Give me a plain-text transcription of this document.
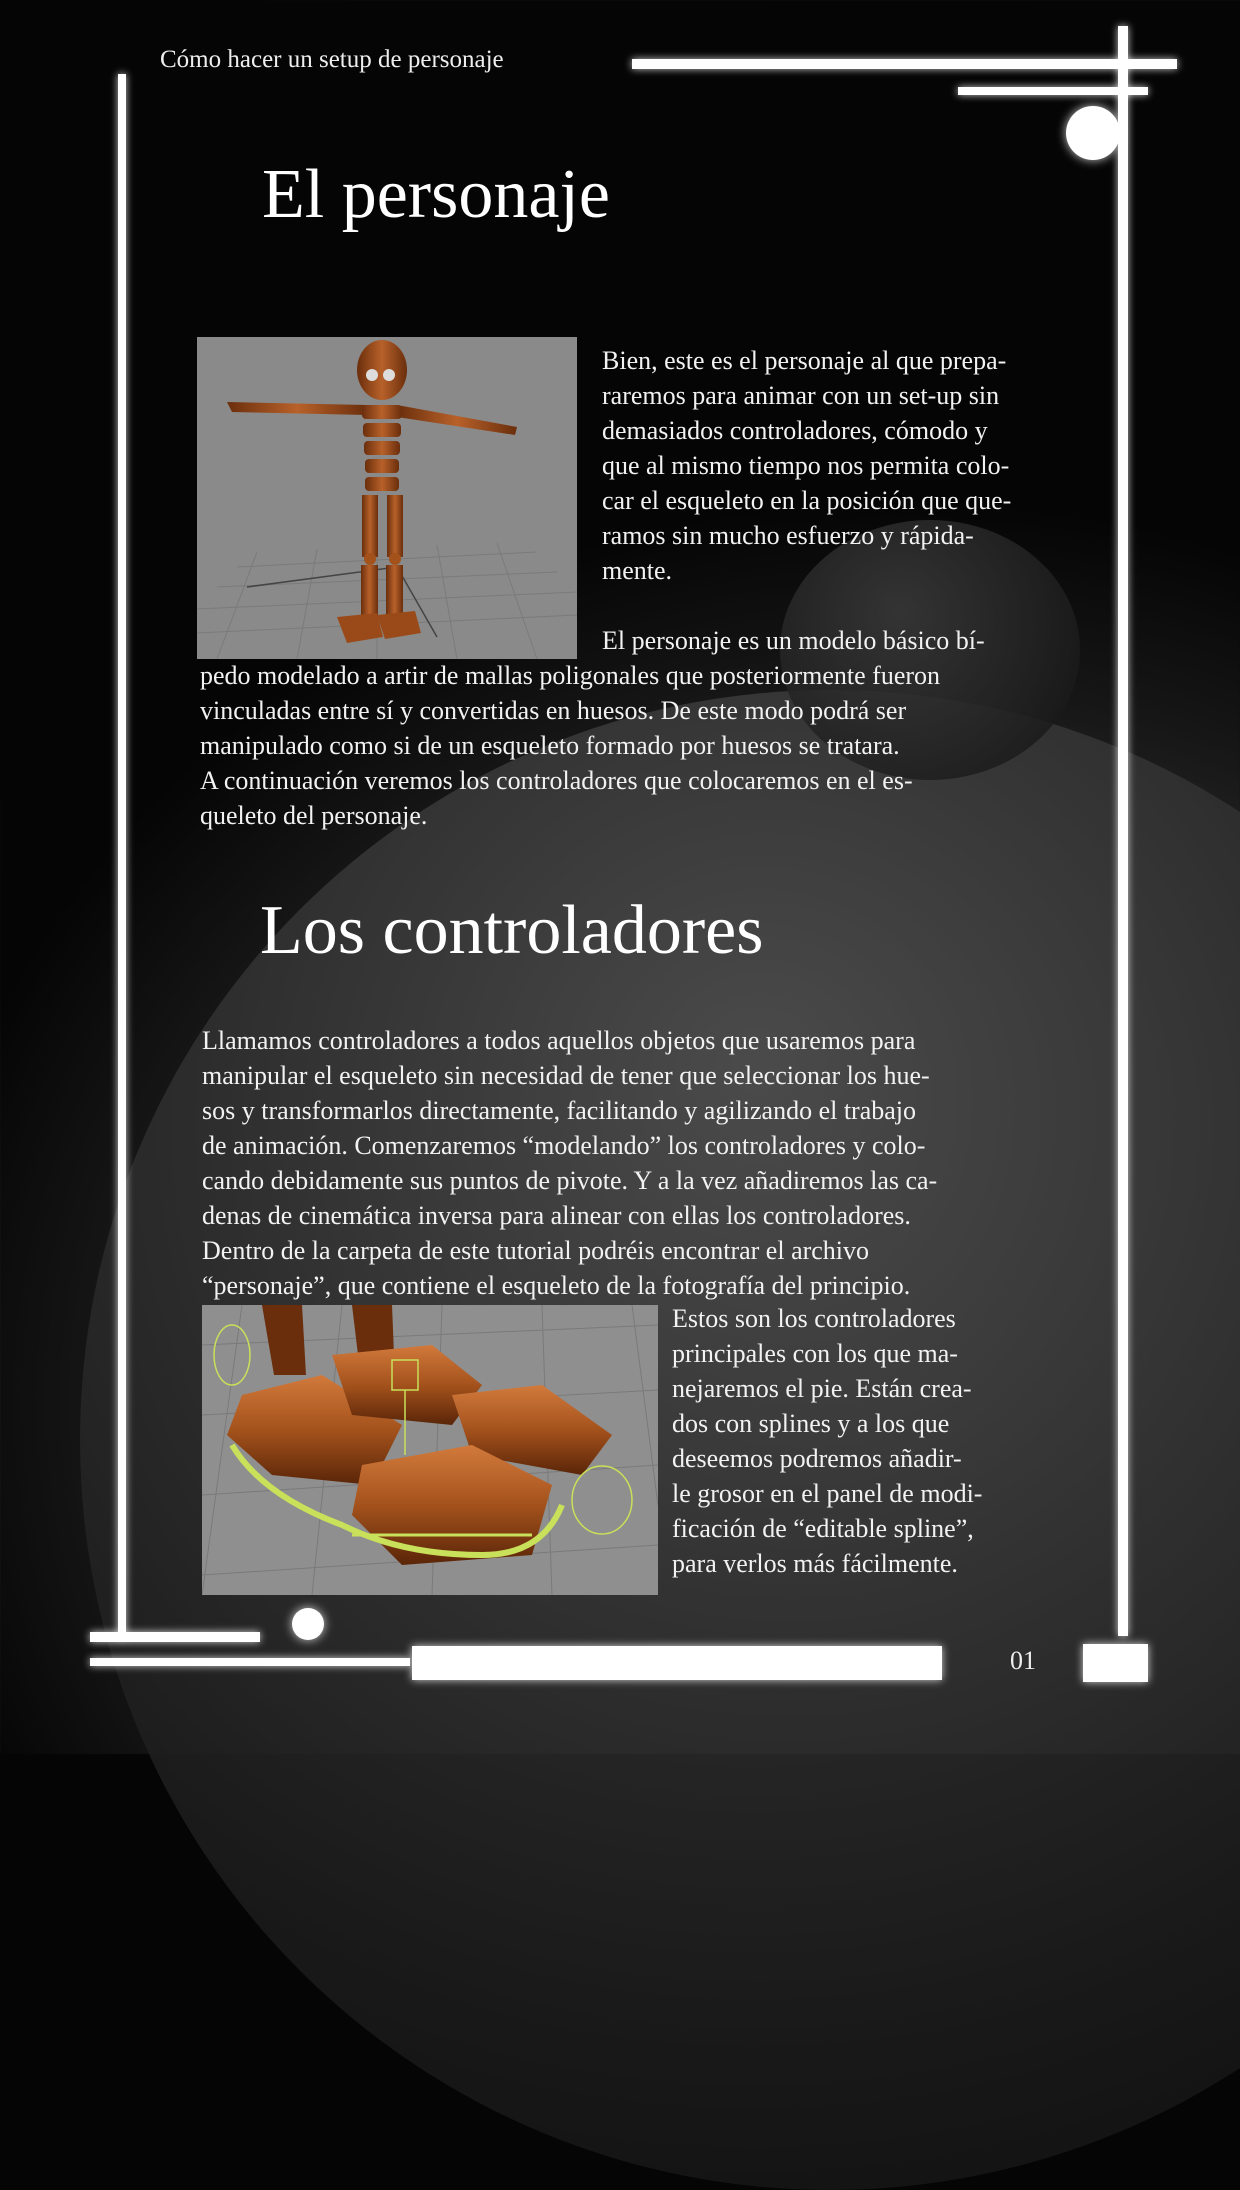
Cómo hacer un setup de personaje
El personaje

Bien, este es el personaje al que prepa-
raremos para animar con un set-up sin
demasiados controladores, cómodo y
que al mismo tiempo nos permita colo-
car el esqueleto en la posición que que-
ramos sin mucho esfuerzo y rápida-
mente.

El personaje es un modelo básico bí-
pedo modelado a artir de mallas poligonales que posteriormente fueron
vinculadas entre sí y convertidas en huesos. De este modo podrá ser
manipulado como si de un esqueleto formado por huesos se tratara.
A continuación veremos los controladores que colocaremos en el es-
queleto del personaje.

Los controladores

Llamamos controladores a todos aquellos objetos que usaremos para
manipular el esqueleto sin necesidad de tener que seleccionar los hue-
sos y transformarlos directamente, facilitando y agilizando el trabajo
de animación. Comenzaremos “modelando” los controladores y colo-
cando debidamente sus puntos de pivote. Y a la vez añadiremos las ca-
denas de cinemática inversa para alinear con ellas los controladores.
Dentro de la carpeta de este tutorial podréis encontrar el archivo
“personaje”, que contiene el esqueleto de la fotografía del principio.

Estos son los controladores
principales con los que ma-
nejaremos el pie. Están crea-
dos con splines y a los que
deseemos podremos añadir-
le grosor en el panel de modi-
ficación de “editable spline”,
para verlos más fácilmente.

01
